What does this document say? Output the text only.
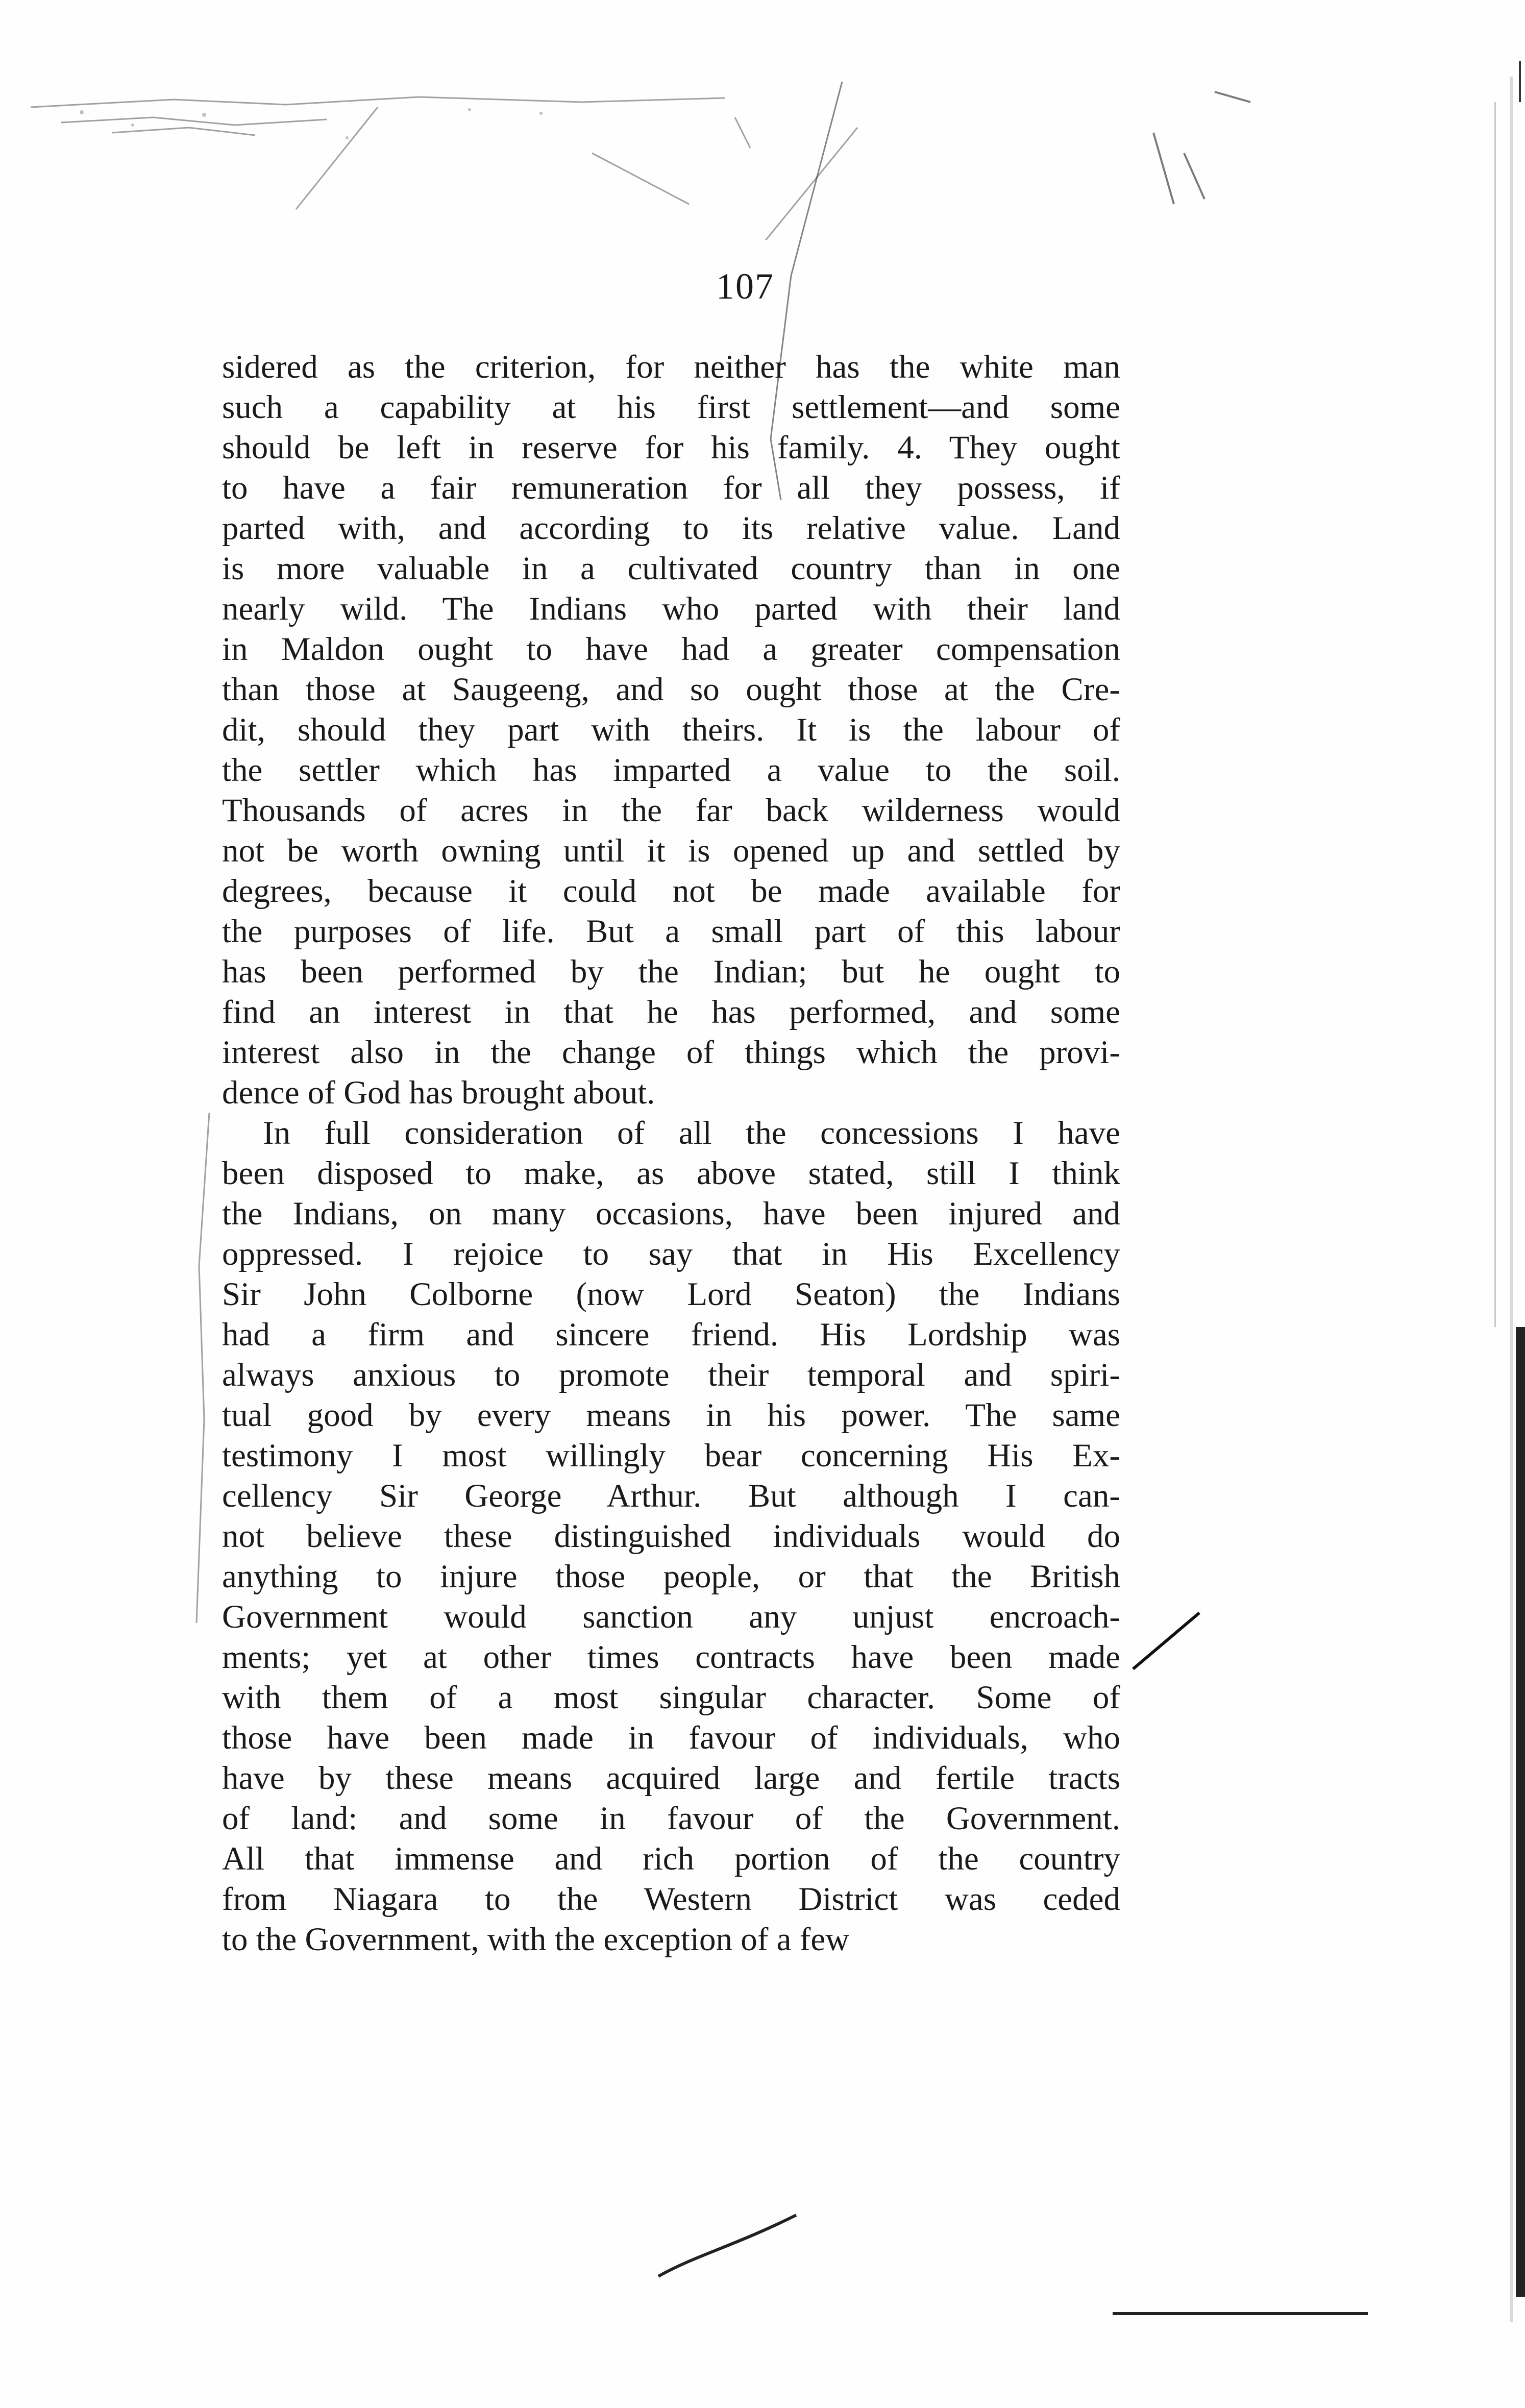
107
sidered as the criterion, for neither has the white man
such a capability at his first settlement—and some
should be left in reserve for his family. 4. They ought
to have a fair remuneration for all they possess, if
parted with, and according to its relative value. Land
is more valuable in a cultivated country than in one
nearly wild. The Indians who parted with their land
in Maldon ought to have had a greater compensation
than those at Saugeeng, and so ought those at the Cre-
dit, should they part with theirs. It is the labour of
the settler which has imparted a value to the soil.
Thousands of acres in the far back wilderness would
not be worth owning until it is opened up and settled by
degrees, because it could not be made available for
the purposes of life. But a small part of this labour
has been performed by the Indian; but he ought to
find an interest in that he has performed, and some
interest also in the change of things which the provi-
dence of God has brought about.
In full consideration of all the concessions I have
been disposed to make, as above stated, still I think
the Indians, on many occasions, have been injured and
oppressed. I rejoice to say that in His Excellency
Sir John Colborne (now Lord Seaton) the Indians
had a firm and sincere friend. His Lordship was
always anxious to promote their temporal and spiri-
tual good by every means in his power. The same
testimony I most willingly bear concerning His Ex-
cellency Sir George Arthur. But although I can-
not believe these distinguished individuals would do
anything to injure those people, or that the British
Government would sanction any unjust encroach-
ments; yet at other times contracts have been made
with them of a most singular character. Some of
those have been made in favour of individuals, who
have by these means acquired large and fertile tracts
of land: and some in favour of the Government.
All that immense and rich portion of the country
from Niagara to the Western District was ceded
to the Government, with the exception of a few
